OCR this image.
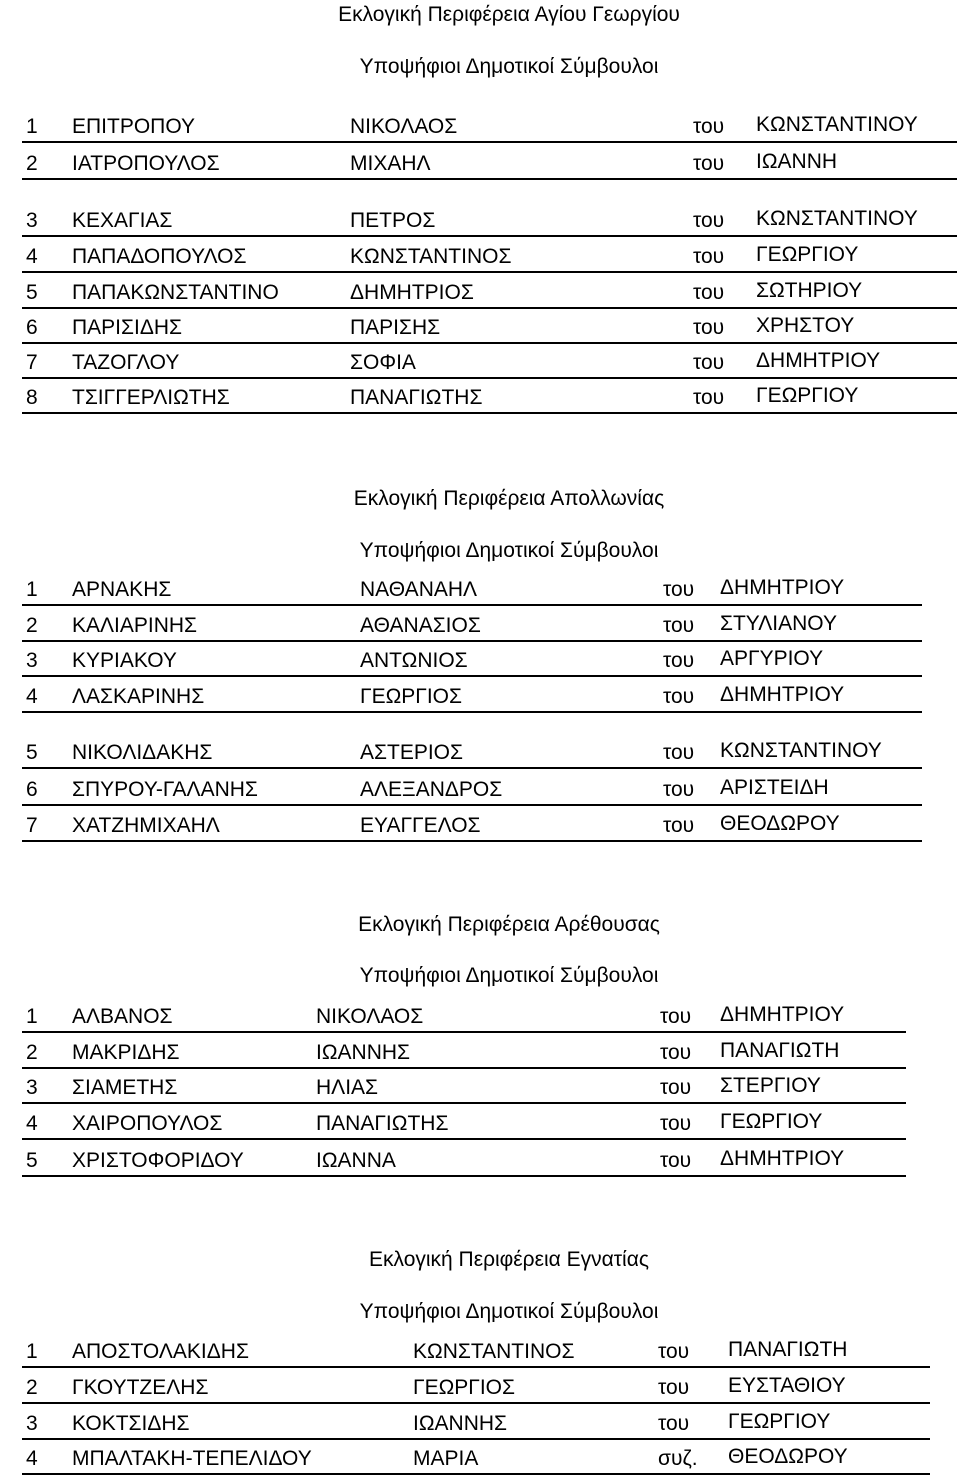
Εκλογική Περιφέρεια Αγίου Γεωργίου
Υποψήφιοι Δημοτικοί Σύμβουλοι
1 ΕΠΙΤΡΟΠΟΥ	ΝΙΚΟΛΑΟΣ	του ΚΩΝΣΤΑΝΤΙΝΟΥ
2 ΙΑΤΡΟΠΟΥΛΟΣ	ΜΙΧΑΗΛ	του ΙΩΑΝΝΗ
3 ΚΕΧΑΓΙΑΣ	ΠΕΤΡΟΣ	του ΚΩΝΣΤΑΝΤΙΝΟΥ
4 ΠΑΠΑΔΟΠΟΥΛΟΣ	ΚΩΝΣΤΑΝΤΙΝΟΣ	του ΓΕΩΡΓΙΟΥ
5 ΠΑΠΑΚΩΝΣΤΑΝΤΙΝΟ	ΔΗΜΗΤΡΙΟΣ	του ΣΩΤΗΡΙΟΥ
6 ΠΑΡΙΣΙΔΗΣ	ΠΑΡΙΣΗΣ	του ΧΡΗΣΤΟΥ
7 ΤΑΖΟΓΛΟΥ	ΣΟΦΙΑ	του ΔΗΜΗΤΡΙΟΥ
8 ΤΣΙΓΓΕΡΛΙΩΤΗΣ	ΠΑΝΑΓΙΩΤΗΣ	του ΓΕΩΡΓΙΟΥ
Εκλογική Περιφέρεια Απολλωνίας
Υποψήφιοι Δημοτικοί Σύμβουλοι
1 ΑΡΝΑΚΗΣ	ΝΑΘΑΝΑΗΛ	του ΔΗΜΗΤΡΙΟΥ
2 ΚΑΛΙΑΡΙΝΗΣ	ΑΘΑΝΑΣΙΟΣ	του ΣΤΥΛΙΑΝΟΥ
3 ΚΥΡΙΑΚΟΥ	ΑΝΤΩΝΙΟΣ	του ΑΡΓΥΡΙΟΥ
4 ΛΑΣΚΑΡΙΝΗΣ	ΓΕΩΡΓΙΟΣ	του ΔΗΜΗΤΡΙΟΥ
5 ΝΙΚΟΛΙΔΑΚΗΣ	ΑΣΤΕΡΙΟΣ	του ΚΩΝΣΤΑΝΤΙΝΟΥ
6 ΣΠΥΡΟΥ-ΓΑΛΑΝΗΣ	ΑΛΕΞΑΝΔΡΟΣ	του ΑΡΙΣΤΕΙΔΗ
7 ΧΑΤΖΗΜΙΧΑΗΛ	ΕΥΑΓΓΕΛΟΣ	του ΘΕΟΔΩΡΟΥ
Εκλογική Περιφέρεια Αρέθουσας
Υποψήφιοι Δημοτικοί Σύμβουλοι
1 ΑΛΒΑΝΟΣ	ΝΙΚΟΛΑΟΣ	του ΔΗΜΗΤΡΙΟΥ
2 ΜΑΚΡΙΔΗΣ	ΙΩΑΝΝΗΣ	του ΠΑΝΑΓΙΩΤΗ
3 ΣΙΑΜΕΤΗΣ	ΗΛΙΑΣ	του ΣΤΕΡΓΙΟΥ
4 ΧΑΙΡΟΠΟΥΛΟΣ	ΠΑΝΑΓΙΩΤΗΣ	του ΓΕΩΡΓΙΟΥ
5 ΧΡΙΣΤΟΦΟΡΙΔΟΥ	ΙΩΑΝΝΑ	του ΔΗΜΗΤΡΙΟΥ
Εκλογική Περιφέρεια Εγνατίας
Υποψήφιοι Δημοτικοί Σύμβουλοι
1 ΑΠΟΣΤΟΛΑΚΙΔΗΣ	ΚΩΝΣΤΑΝΤΙΝΟΣ	του ΠΑΝΑΓΙΩΤΗ
2 ΓΚΟΥΤΖΕΛΗΣ	ΓΕΩΡΓΙΟΣ	του ΕΥΣΤΑΘΙΟΥ
3 ΚΟΚΤΣΙΔΗΣ	ΙΩΑΝΝΗΣ	του ΓΕΩΡΓΙΟΥ
4 ΜΠΑΛΤΑΚΗ-ΤΕΠΕΛΙΔΟΥ	ΜΑΡΙΑ	συζ. ΘΕΟΔΩΡΟΥ
